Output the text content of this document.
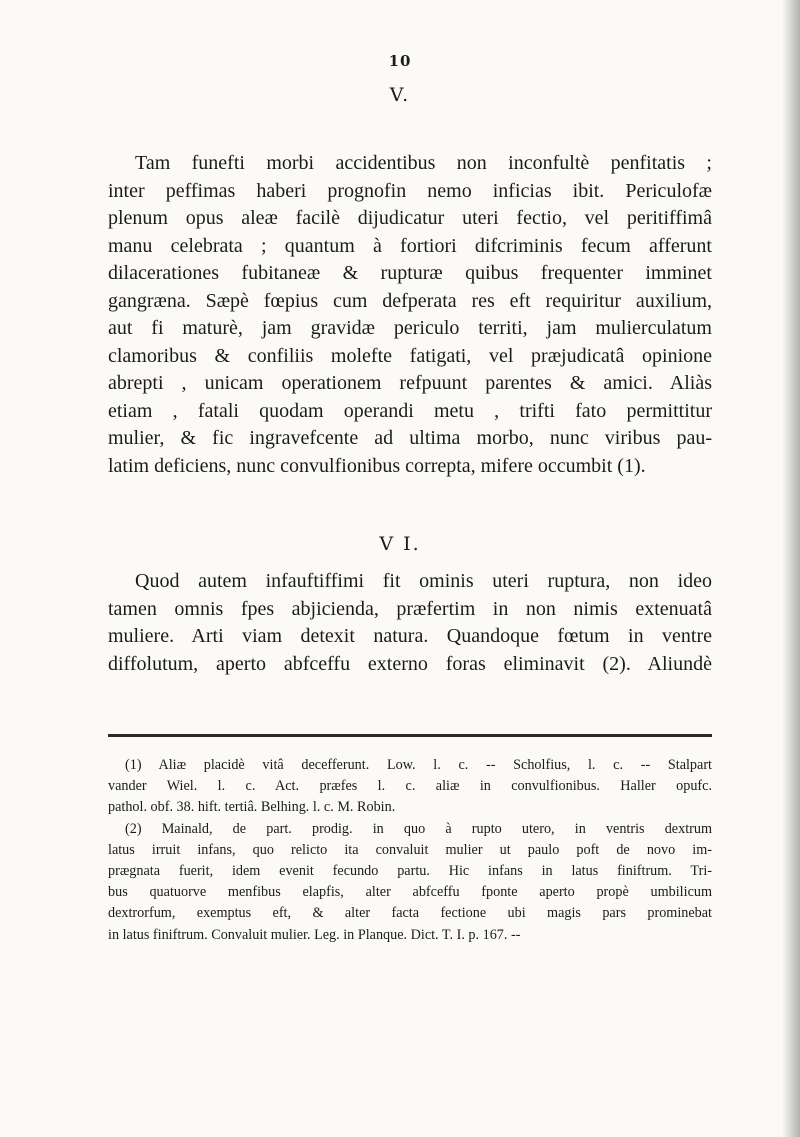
10
V.
Tam funefti morbi accidentibus non inconfultè penfitatis ;
inter peffimas haberi prognofin nemo inficias ibit. Periculofæ
plenum opus aleæ facilè dijudicatur uteri fectio, vel peritiffimâ
manu celebrata ; quantum à fortiori difcriminis fecum afferunt
dilacerationes fubitaneæ & rupturæ quibus frequenter imminet
gangræna. Sæpè fœpius cum defperata res eft requiritur auxilium,
aut fi maturè, jam gravidæ periculo territi, jam mulierculatum
clamoribus & confiliis molefte fatigati, vel præjudicatâ opinione
abrepti , unicam operationem refpuunt parentes & amici. Aliàs
etiam , fatali quodam operandi metu , trifti fato permittitur
mulier, & fic ingravefcente ad ultima morbo, nunc viribus pau-
latim deficiens, nunc convulfionibus correpta, mifere occumbit (1).
V I.
Quod autem infauftiffimi fit ominis uteri ruptura, non ideo
tamen omnis fpes abjicienda, præfertim in non nimis extenuatâ
muliere. Arti viam detexit natura. Quandoque fœtum in ventre
diffolutum, aperto abfceffu externo foras eliminavit (2). Aliundè
(1) Aliæ placidè vitâ decefferunt. Low. l. c. -- Scholfius, l. c. -- Stalpart
vander Wiel. l. c. Act. præfes l. c. aliæ in convulfionibus. Haller opufc.
pathol. obf. 38. hift. tertiâ. Belhing. l. c. M. Robin.
(2) Mainald, de part. prodig. in quo à rupto utero, in ventris dextrum
latus irruit infans, quo relicto ita convaluit mulier ut paulo poft de novo im-
prægnata fuerit, idem evenit fecundo partu. Hic infans in latus finiftrum. Tri-
bus quatuorve menfibus elapfis, alter abfceffu fponte aperto propè umbilicum
dextrorfum, exemptus eft, & alter facta fectione ubi magis pars prominebat
in latus finiftrum. Convaluit mulier. Leg. in Planque. Dict. T. I. p. 167. --
